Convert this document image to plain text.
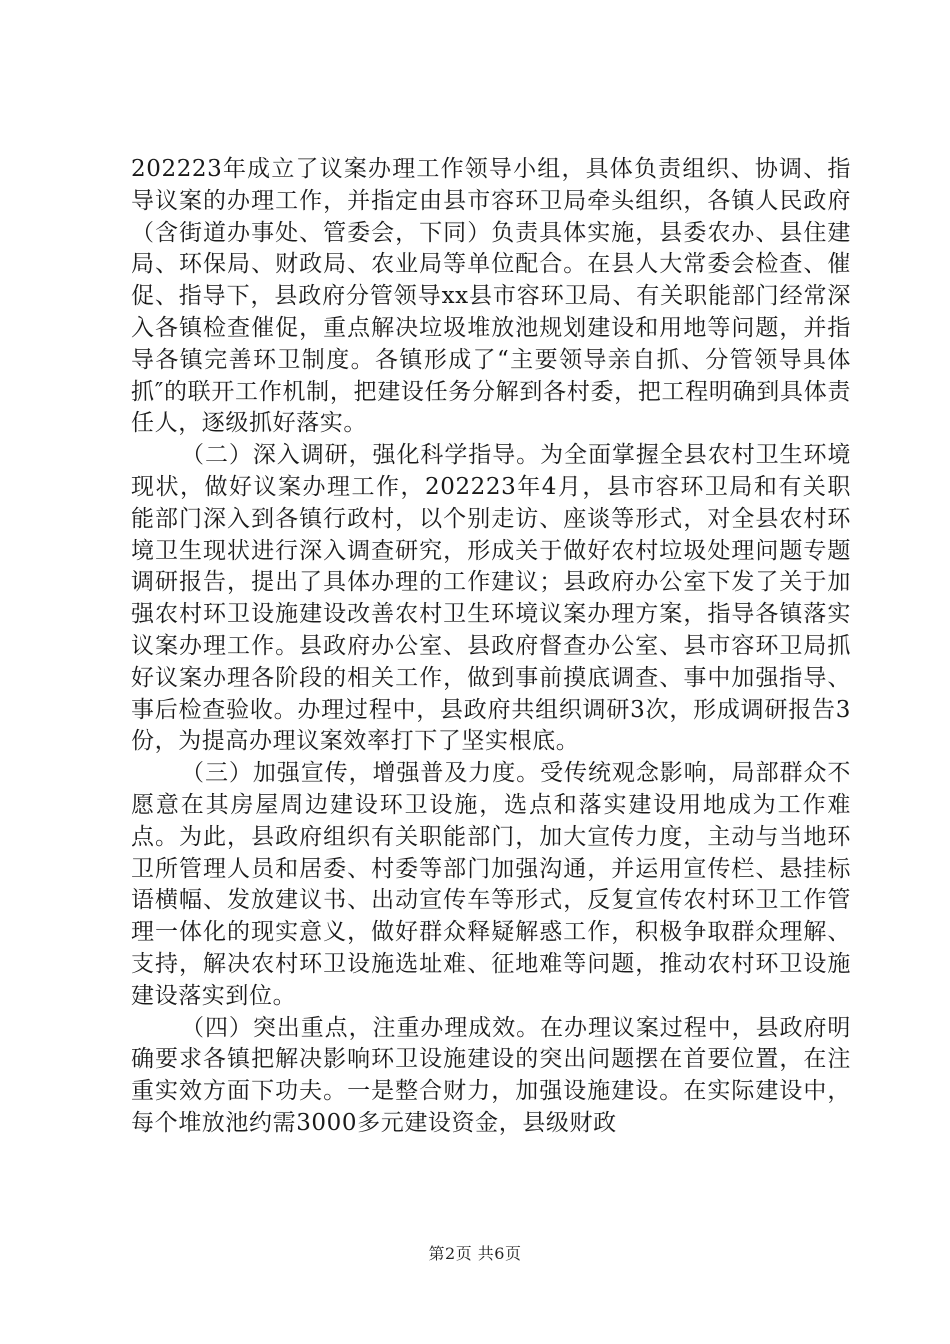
202223年成立了议案办理工作领导小组，具体负责组织、协调、指导议案的办理工作，并指定由县市容环卫局牵头组织，各镇人民政府（含街道办事处、管委会，下同）负责具体实施，县委农办、县住建局、环保局、财政局、农业局等单位配合。在县人大常委会检查、催促、指导下，县政府分管领导xx县市容环卫局、有关职能部门经常深入各镇检查催促，重点解决垃圾堆放池规划建设和用地等问题，并指导各镇完善环卫制度。各镇形成了“主要领导亲自抓、分管领导具体抓″的联开工作机制，把建设任务分解到各村委，把工程明确到具体责任人，逐级抓好落实。

（二）深入调研，强化科学指导。为全面掌握全县农村卫生环境现状，做好议案办理工作，202223年4月，县市容环卫局和有关职能部门深入到各镇行政村，以个别走访、座谈等形式，对全县农村环境卫生现状进行深入调查研究，形成关于做好农村垃圾处理问题专题调研报告，提出了具体办理的工作建议；县政府办公室下发了关于加强农村环卫设施建设改善农村卫生环境议案办理方案，指导各镇落实议案办理工作。县政府办公室、县政府督查办公室、县市容环卫局抓好议案办理各阶段的相关工作，做到事前摸底调查、事中加强指导、事后检查验收。办理过程中，县政府共组织调研3次，形成调研报告3份，为提高办理议案效率打下了坚实根底。

（三）加强宣传，增强普及力度。受传统观念影响，局部群众不愿意在其房屋周边建设环卫设施，选点和落实建设用地成为工作难点。为此，县政府组织有关职能部门，加大宣传力度，主动与当地环卫所管理人员和居委、村委等部门加强沟通，并运用宣传栏、悬挂标语横幅、发放建议书、出动宣传车等形式，反复宣传农村环卫工作管理一体化的现实意义，做好群众释疑解惑工作，积极争取群众理解、支持，解决农村环卫设施选址难、征地难等问题，推动农村环卫设施建设落实到位。

（四）突出重点，注重办理成效。在办理议案过程中，县政府明确要求各镇把解决影响环卫设施建设的突出问题摆在首要位置，在注重实效方面下功夫。一是整合财力，加强设施建设。在实际建设中，每个堆放池约需3000多元建设资金，县级财政

第2页 共6页
